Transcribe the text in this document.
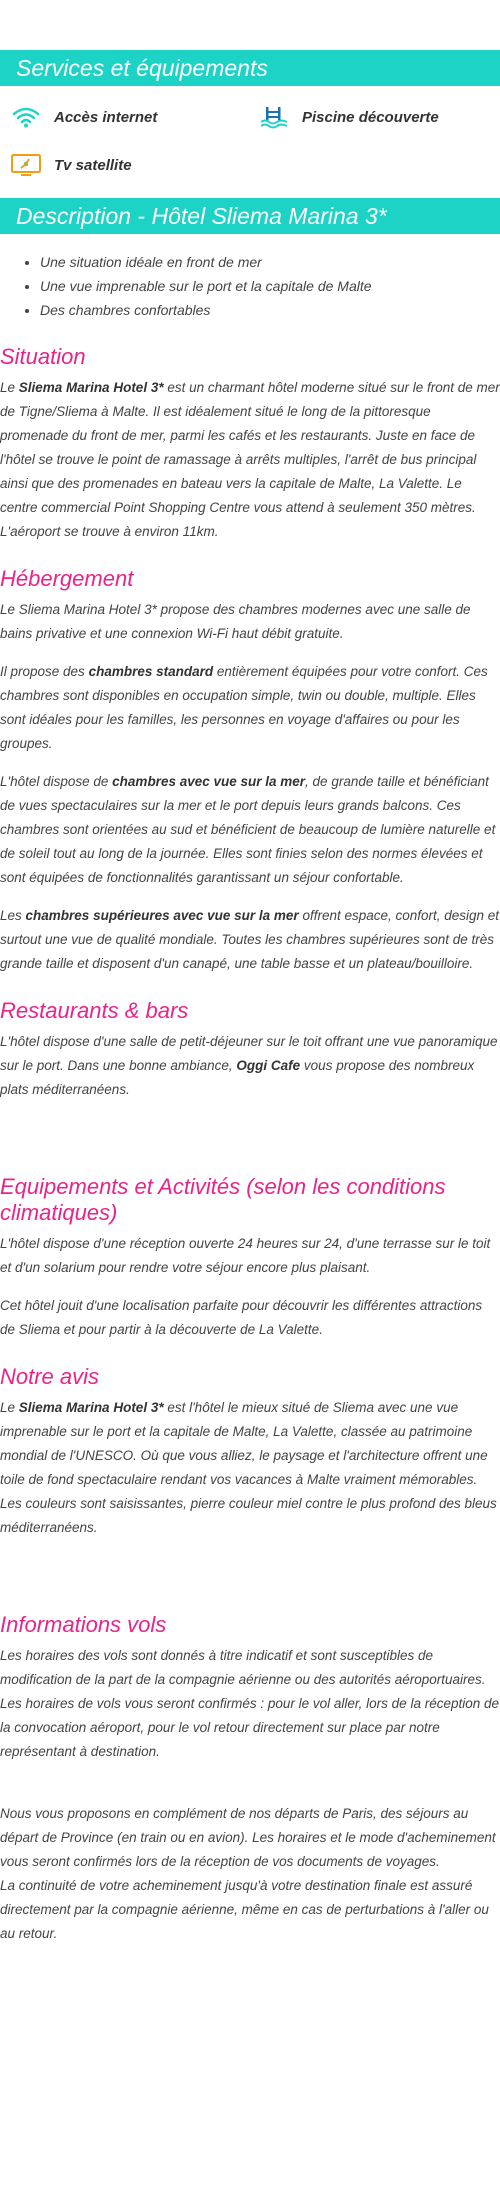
Services et équipements
Accès internet	Piscine découverte
Tv satellite
Description - Hôtel Sliema Marina 3*
• Une situation idéale en front de mer
• Une vue imprenable sur le port et la capitale de Malte
• Des chambres confortables
Situation

Le Sliema Marina Hotel 3* est un charmant hôtel moderne situé sur le front de mer de Tigne/Sliema à Malte. Il est idéalement situé le long de la pittoresque promenade du front de mer, parmi les cafés et les restaurants. Juste en face de l'hôtel se trouve le point de ramassage à arrêts multiples, l'arrêt de bus principal ainsi que des promenades en bateau vers la capitale de Malte, La Valette. Le centre commercial Point Shopping Centre vous attend à seulement 350 mètres. L'aéroport se trouve à environ 11km.

Hébergement

Le Sliema Marina Hotel 3* propose des chambres modernes avec une salle de bains privative et une connexion Wi-Fi haut débit gratuite.

Il propose des chambres standard entièrement équipées pour votre confort. Ces chambres sont disponibles en occupation simple, twin ou double, multiple. Elles sont idéales pour les familles, les personnes en voyage d'affaires ou pour les groupes.

L'hôtel dispose de chambres avec vue sur la mer, de grande taille et bénéficiant de vues spectaculaires sur la mer et le port depuis leurs grands balcons. Ces chambres sont orientées au sud et bénéficient de beaucoup de lumière naturelle et de soleil tout au long de la journée. Elles sont finies selon des normes élevées et sont équipées de fonctionnalités garantissant un séjour confortable.

Les chambres supérieures avec vue sur la mer offrent espace, confort, design et surtout une vue de qualité mondiale. Toutes les chambres supérieures sont de très grande taille et disposent d'un canapé, une table basse et un plateau/bouilloire.

Restaurants & bars

L'hôtel dispose d'une salle de petit-déjeuner sur le toit offrant une vue panoramique sur le port. Dans une bonne ambiance, Oggi Cafe vous propose des nombreux plats méditerranéens.

Equipements et Activités (selon les conditions climatiques)

L'hôtel dispose d'une réception ouverte 24 heures sur 24, d'une terrasse sur le toit et d'un solarium pour rendre votre séjour encore plus plaisant.

Cet hôtel jouit d'une localisation parfaite pour découvrir les différentes attractions de Sliema et pour partir à la découverte de La Valette.

Notre avis

Le Sliema Marina Hotel 3* est l'hôtel le mieux situé de Sliema avec une vue imprenable sur le port et la capitale de Malte, La Valette, classée au patrimoine mondial de l'UNESCO. Où que vous alliez, le paysage et l'architecture offrent une toile de fond spectaculaire rendant vos vacances à Malte vraiment mémorables. Les couleurs sont saisissantes, pierre couleur miel contre le plus profond des bleus méditerranéens.

Informations vols

Les horaires des vols sont donnés à titre indicatif et sont susceptibles de modification de la part de la compagnie aérienne ou des autorités aéroportuaires.

Les horaires de vols vous seront confirmés : pour le vol aller, lors de la réception de la convocation aéroport, pour le vol retour directement sur place par notre représentant à destination.

Nous vous proposons en complément de nos départs de Paris, des séjours au départ de Province (en train ou en avion). Les horaires et le mode d'acheminement vous seront confirmés lors de la réception de vos documents de voyages.

La continuité de votre acheminement jusqu'à votre destination finale est assuré directement par la compagnie aérienne, même en cas de perturbations à l'aller ou au retour.
